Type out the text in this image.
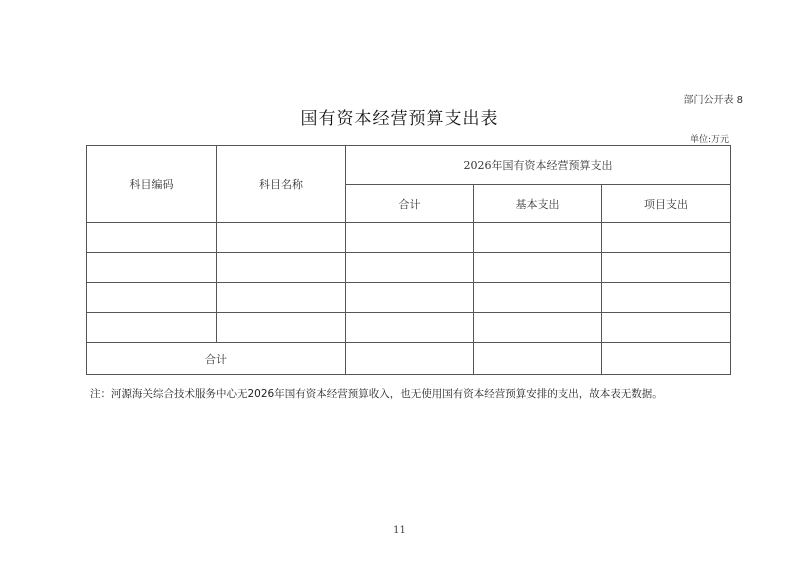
部门公开表 8
国有资本经营预算支出表
单位:万元
科目编码	科目名称	2026年国有资本经营预算支出		
		合计	基本支出	项目支出

合计				
注：河源海关综合技术服务中心无2026年国有资本经营预算收入，也无使用国有资本经营预算安排的支出，故本表无数据。
11
